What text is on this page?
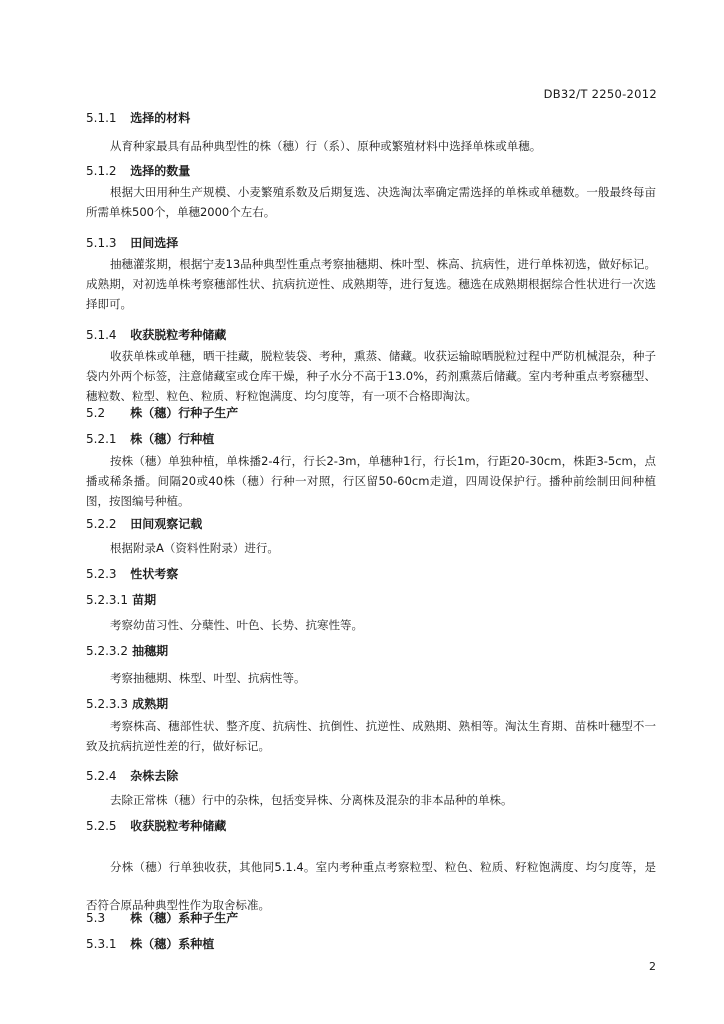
DB32/T 2250-2012
5.1.1 选择的材料

从育种家最具有品种典型性的株（穗）行（系）、原种或繁殖材料中选择单株或单穗。

5.1.2 选择的数量

根据大田用种生产规模、小麦繁殖系数及后期复选、决选淘汰率确定需选择的单株或单穗数。一般最终每亩所需单株500个，单穗2000个左右。

5.1.3 田间选择

抽穗灌浆期，根据宁麦13品种典型性重点考察抽穗期、株叶型、株高、抗病性，进行单株初选，做好标记。成熟期，对初选单株考察穗部性状、抗病抗逆性、成熟期等，进行复选。穗选在成熟期根据综合性状进行一次选择即可。

5.1.4 收获脱粒考种储藏

收获单株或单穗，晒干挂藏，脱粒装袋、考种，熏蒸、储藏。收获运输晾晒脱粒过程中严防机械混杂，种子袋内外两个标签，注意储藏室或仓库干燥，种子水分不高于13.0%，药剂熏蒸后储藏。室内考种重点考察穗型、穗粒数、粒型、粒色、粒质、籽粒饱满度、均匀度等，有一项不合格即淘汰。

5.2 株（穗）行种子生产
5.2.1 株（穗）行种植

按株（穗）单独种植，单株播2-4行，行长2-3m，单穗种1行，行长1m，行距20-30cm，株距3-5cm，点播或稀条播。间隔20或40株（穗）行种一对照，行区留50-60cm走道，四周设保护行。播种前绘制田间种植图，按图编号种植。

5.2.2 田间观察记载

根据附录A（资料性附录）进行。

5.2.3 性状考察
5.2.3.1 苗期

考察幼苗习性、分蘖性、叶色、长势、抗寒性等。

5.2.3.2 抽穗期

考察抽穗期、株型、叶型、抗病性等。

5.2.3.3 成熟期

考察株高、穗部性状、整齐度、抗病性、抗倒性、抗逆性、成熟期、熟相等。淘汰生育期、苗株叶穗型不一致及抗病抗逆性差的行，做好标记。

5.2.4 杂株去除

去除正常株（穗）行中的杂株，包括变异株、分离株及混杂的非本品种的单株。

5.2.5 收获脱粒考种储藏

分株（穗）行单独收获，其他同5.1.4。室内考种重点考察粒型、粒色、粒质、籽粒饱满度、均匀度等，是否符合原品种典型性作为取舍标准。

5.3 株（穗）系种子生产
5.3.1 株（穗）系种植
2
